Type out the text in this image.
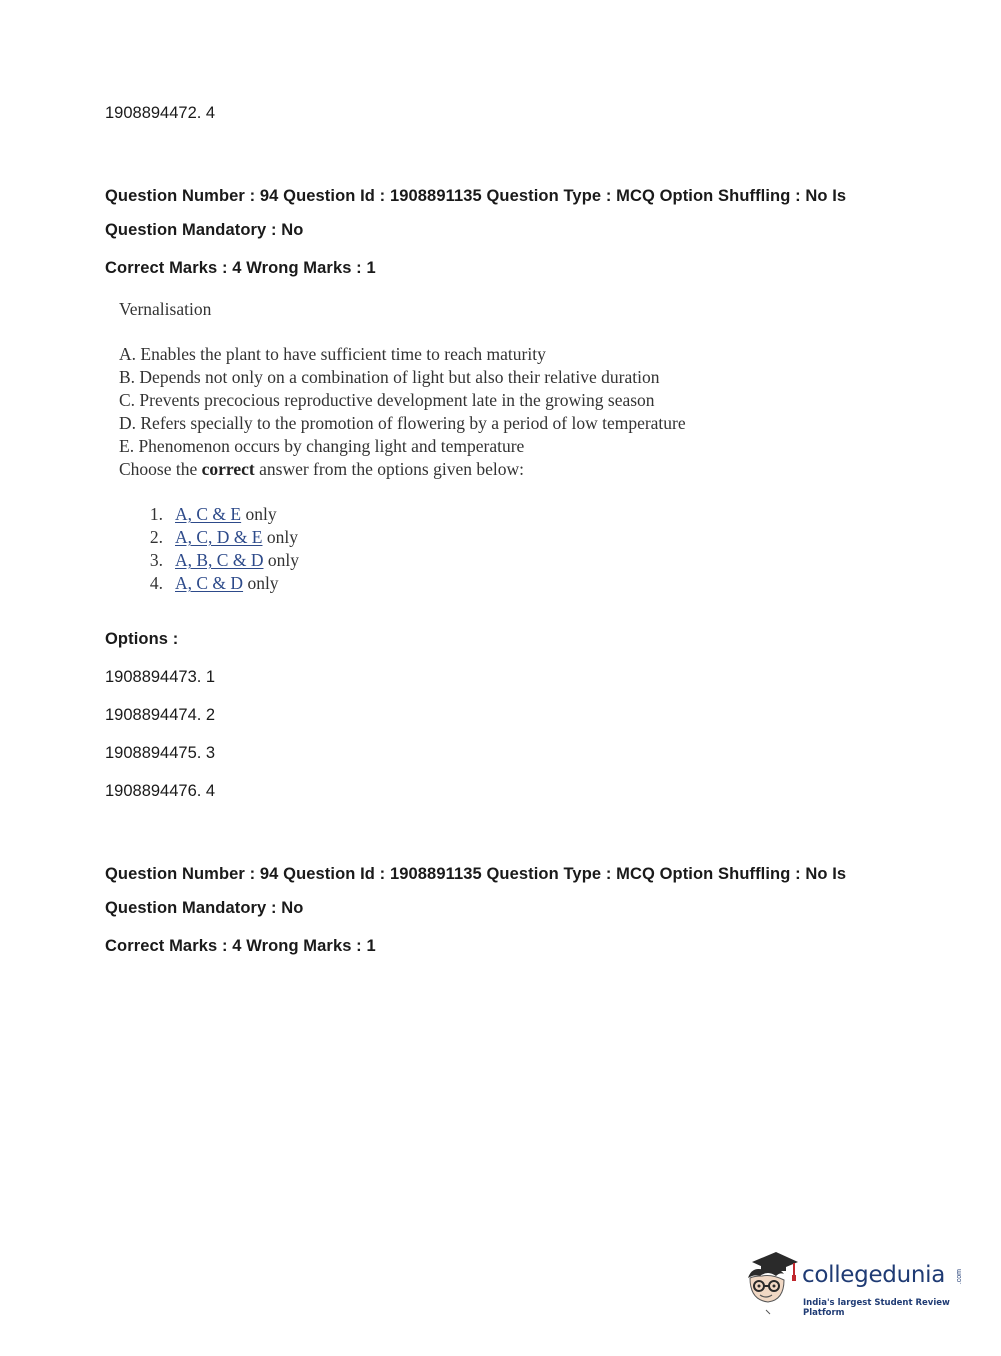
1908894472. 4
Question Number : 94 Question Id : 1908891135 Question Type : MCQ Option Shuffling : No Is
Question Mandatory : No
Correct Marks : 4 Wrong Marks : 1

Vernalisation

A. Enables the plant to have sufficient time to reach maturity

B. Depends not only on a combination of light but also their relative duration

C. Prevents precocious reproductive development late in the growing season

D. Refers specially to the promotion of flowering by a period of low temperature

E. Phenomenon occurs by changing light and temperature

Choose the correct answer from the options given below:

1. A, C & E only
2. A, C, D & E only
3. A, B, C & D only
4. A, C & D only
Options :
1908894473. 1
1908894474. 2
1908894475. 3
1908894476. 4
Question Number : 94 Question Id : 1908891135 Question Type : MCQ Option Shuffling : No Is
Question Mandatory : No
Correct Marks : 4 Wrong Marks : 1
collegedunia .com
India's largest Student Review Platform
